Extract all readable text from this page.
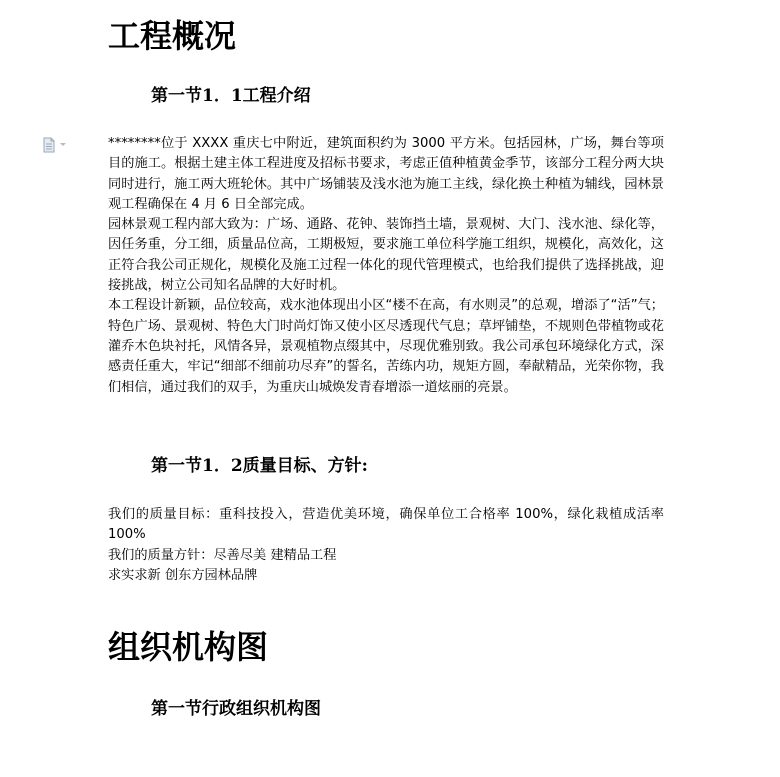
工程概况
第一节1．1工程介绍

********位于 XXXX 重庆七中附近，建筑面积约为 3000 平方米。包括园林，广场，舞台等项目的施工。根据土建主体工程进度及招标书要求，考虑正值种植黄金季节，该部分工程分两大块同时进行，施工两大班轮休。其中广场铺装及浅水池为施工主线，绿化换土种植为辅线，园林景观工程确保在 4 月 6 日全部完成。

园林景观工程内部大致为：广场、通路、花钟、装饰挡土墙，景观树、大门、浅水池、绿化等，因任务重，分工细，质量品位高，工期极短，要求施工单位科学施工组织，规模化，高效化，这正符合我公司正规化，规模化及施工过程一体化的现代管理模式，也给我们提供了选择挑战，迎接挑战，树立公司知名品牌的大好时机。

本工程设计新颖，品位较高，戏水池体现出小区“楼不在高，有水则灵”的总观，增添了“活”气；特色广场、景观树、特色大门时尚灯饰又使小区尽透现代气息；草坪铺垫，不规则色带植物或花灌乔木色块衬托，风情各异，景观植物点缀其中，尽现优雅别致。我公司承包环境绿化方式，深感责任重大，牢记“细部不细前功尽弃”的誓名，苦练内功，规矩方圆，奉献精品，光荣你物，我们相信，通过我们的双手，为重庆山城焕发青春增添一道炫丽的亮景。

第一节1．2质量目标、方针:

我们的质量目标：重科技投入，营造优美环境，确保单位工合格率 100%，绿化栽植成活率 100%

我们的质量方针：尽善尽美 建精品工程

求实求新 创东方园林品牌

组织机构图
第一节行政组织机构图
